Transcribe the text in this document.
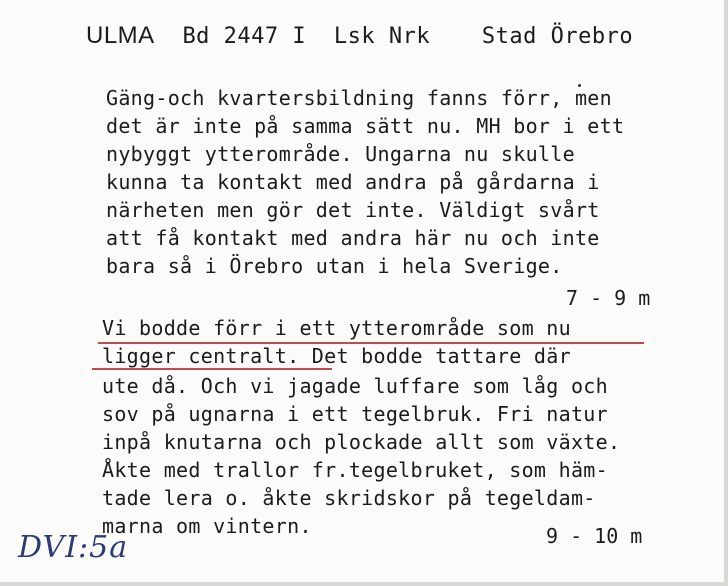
ULMA Bd 2447 I Lsk Nrk Stad Örebro
Gäng-och kvartersbildning fanns förr, men
det är inte på samma sätt nu. MH bor i ett
nybyggt ytterområde. Ungarna nu skulle
kunna ta kontakt med andra på gårdarna i
närheten men gör det inte. Väldigt svårt
att få kontakt med andra här nu och inte
bara så i Örebro utan i hela Sverige.
7 - 9 m
Vi bodde förr i ett ytterområde som nu
ligger centralt. Det bodde tattare där
ute då. Och vi jagade luffare som låg och
sov på ugnarna i ett tegelbruk. Fri natur
inpå knutarna och plockade allt som växte.
Åkte med trallor fr.tegelbruket, som häm-
tade lera o. åkte skridskor på tegeldam-
marna om vintern.	9 - 10 m
DVI:5a
